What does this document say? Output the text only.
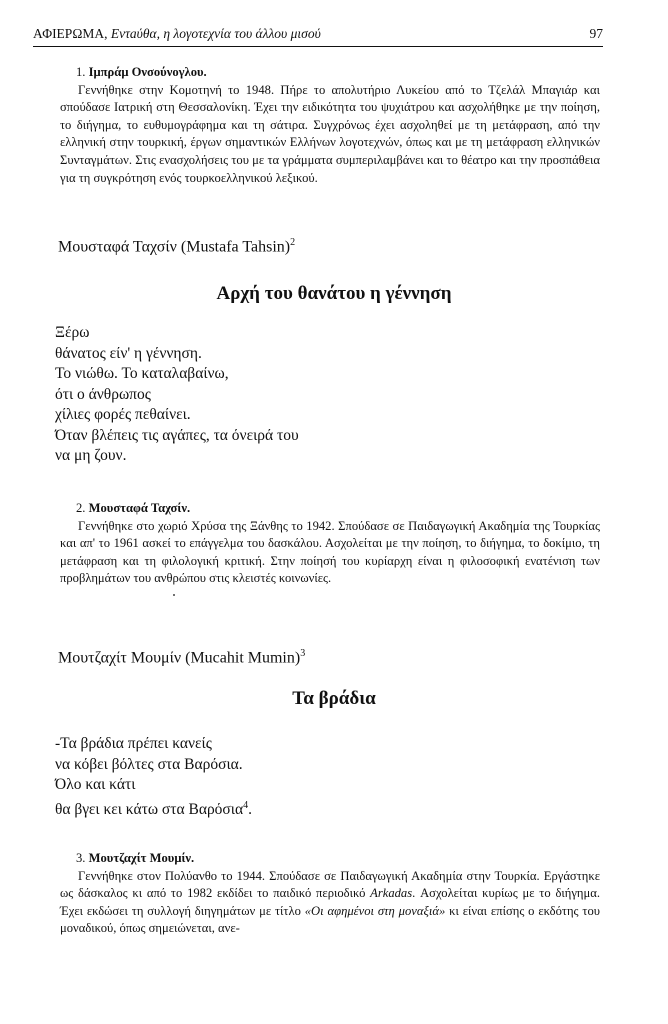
ΑΦΙΕΡΩΜΑ, Εντaύθα, η λογοτεχνία του άλλου μισού	97
1. Ιμπράμ Ονσούνογλου.

Γεννήθηκε στην Κομοτηνή το 1948. Πήρε το απολυτήριο Λυκείου από το Τζελάλ Μπαγιάρ και σπούδασε Ιατρική στη Θεσσαλονίκη. Έχει την ειδικότητα του ψυχιάτρου και ασχολήθηκε με την ποίηση, το διήγημα, το ευθυμογράφημα και τη σάτιρα. Συγχρόνως έχει ασχοληθεί με τη μετάφραση, από την ελληνική στην τουρκική, έργων σημαντικών Ελλήνων λογοτεχνών, όπως και με τη μετάφραση ελληνικών Συνταγμάτων. Στις ενασχολήσεις του με τα γράμματα συμπεριλαμβάνει και το θέατρο και την προσπάθεια για τη συγκρότηση ενός τουρκοελληνικού λεξικού.

Μουσταφά Ταχσίν (Mustafa Tahsin)$^2$
Αρχή του θανάτου η γέννηση
Ξέρω
θάνατος είν' η γέννηση.
Το νιώθω. Το καταλαβαίνω,
ότι ο άνθρωπος
χίλιες φορές πεθαίνει.
Όταν βλέπεις τις αγάπες, τα όνειρά του
να μη ζουν.
2. Μουσταφά Ταχσίν.

Γεννήθηκε στο χωριό Χρύσα της Ξάνθης το 1942. Σπούδασε σε Παιδαγωγική Ακαδημία της Τουρκίας και απ' το 1961 ασκεί το επάγγελμα του δασκάλου. Ασχολείται με την ποίηση, το διήγημα, το δοκίμιο, τη μετάφραση και τη φιλολογική κριτική. Στην ποίησή του κυρίαρχη είναι η φιλοσοφική ενατένιση των προβλημάτων του ανθρώπου στις κλειστές κοινωνίες.

Μουτζαχίτ Μουμίν (Mucahit Mumin)$^3$
Τα βράδια
-Τα βράδια πρέπει κανείς
να κόβει βόλτες στα Βαρόσια.
Όλο και κάτι
θα βγει κει κάτω στα Βαρόσια$^4$.
3. Μουτζαχίτ Μουμίν.

Γεννήθηκε στον Πολύανθο το 1944. Σπούδασε σε Παιδαγωγική Ακαδημία στην Τουρκία. Εργάστηκε ως δάσκαλος κι από το 1982 εκδίδει το παιδικό περιοδικό Arkadas. Ασχολείται κυρίως με το διήγημα. Έχει εκδώσει τη συλλογή διηγημάτων με τίτλο «Οι αφημένοι στη μοναξιά» κι είναι επίσης ο εκδότης του μοναδικού, όπως σημειώνεται, ανε-
